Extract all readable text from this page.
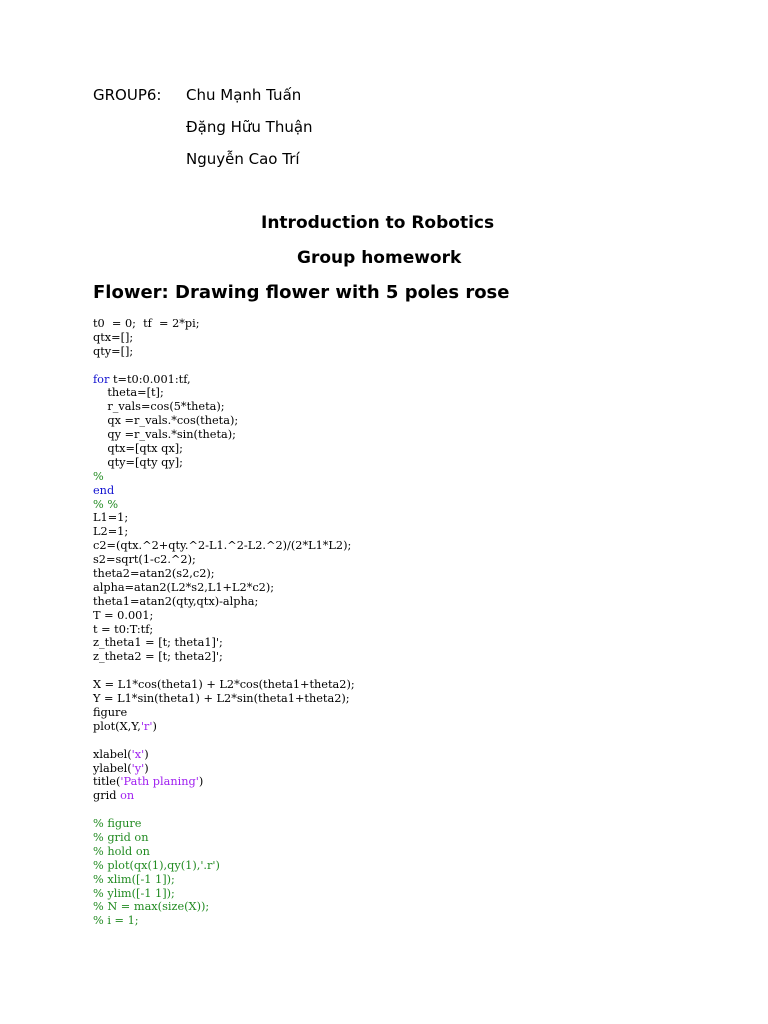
GROUP6:	Chu Mạnh Tuấn
Đặng Hữu Thuận
Nguyễn Cao Trí
Introduction to Robotics
Group homework
Flower: Drawing flower with 5 poles rose
t0  = 0;  tf  = 2*pi;
qtx=[];
qty=[];
for t=t0:0.001:tf,
theta=[t];
r_vals=cos(5*theta);
qx =r_vals.*cos(theta);
qy =r_vals.*sin(theta);
qtx=[qtx qx];
qty=[qty qy];
%
end
% %
L1=1;
L2=1;
c2=(qtx.^2+qty.^2-L1.^2-L2.^2)/(2*L1*L2);
s2=sqrt(1-c2.^2);
theta2=atan2(s2,c2);
alpha=atan2(L2*s2,L1+L2*c2);
theta1=atan2(qty,qtx)-alpha;
T = 0.001;
t = t0:T:tf;
z_theta1 = [t; theta1]';
z_theta2 = [t; theta2]';
X = L1*cos(theta1) + L2*cos(theta1+theta2);
Y = L1*sin(theta1) + L2*sin(theta1+theta2);
figure
plot(X,Y,'r')
xlabel('x')
ylabel('y')
title('Path planing')
grid on
% figure
% grid on
% hold on
% plot(qx(1),qy(1),'.r')
% xlim([-1 1]);
% ylim([-1 1]);
% N = max(size(X));
% i = 1;
